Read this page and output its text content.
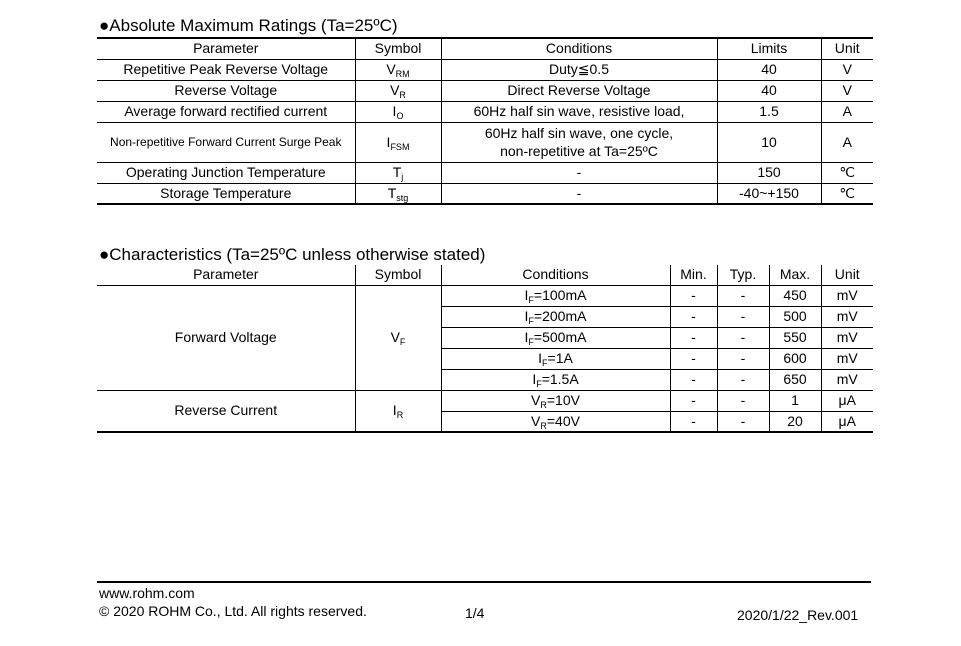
●Absolute Maximum Ratings (Ta=25ºC)
Parameter	Symbol	Conditions	Limits	Unit
Repetitive Peak Reverse Voltage	$V_{RM}$	Duty≦0.5	40	V
Reverse Voltage	$V_R$	Direct Reverse Voltage	40	V
Average forward rectified current	$I_O$	60Hz half sin wave, resistive load,	1.5	A
Non-repetitive Forward Current Surge Peak	$I_{FSM}$	60Hz half sin wave, one cycle, non-repetitive at Ta=25ºC	10	A
Operating Junction Temperature	$T_j$	-	150	℃
Storage Temperature	$T_{stg}$	-	-40~+150	℃
●Characteristics (Ta=25ºC unless otherwise stated)
Parameter	Symbol	Conditions	Min.	Typ.	Max.	Unit
Forward Voltage	$V_F$	$I_F=100mA$	-	-	450	mV
		$I_F=200mA$	-	-	500	mV
		$I_F=500mA$	-	-	550	mV
		$I_F=1A$	-	-	600	mV
		$I_F=1.5A$	-	-	650	mV
Reverse Current	$I_R$	$V_R=10V$	-	-	1	μA
		$V_R=40V$	-	-	20	μA
www.rohm.com
© 2020 ROHM Co., Ltd. All rights reserved.	1/4	2020/1/22_Rev.001
